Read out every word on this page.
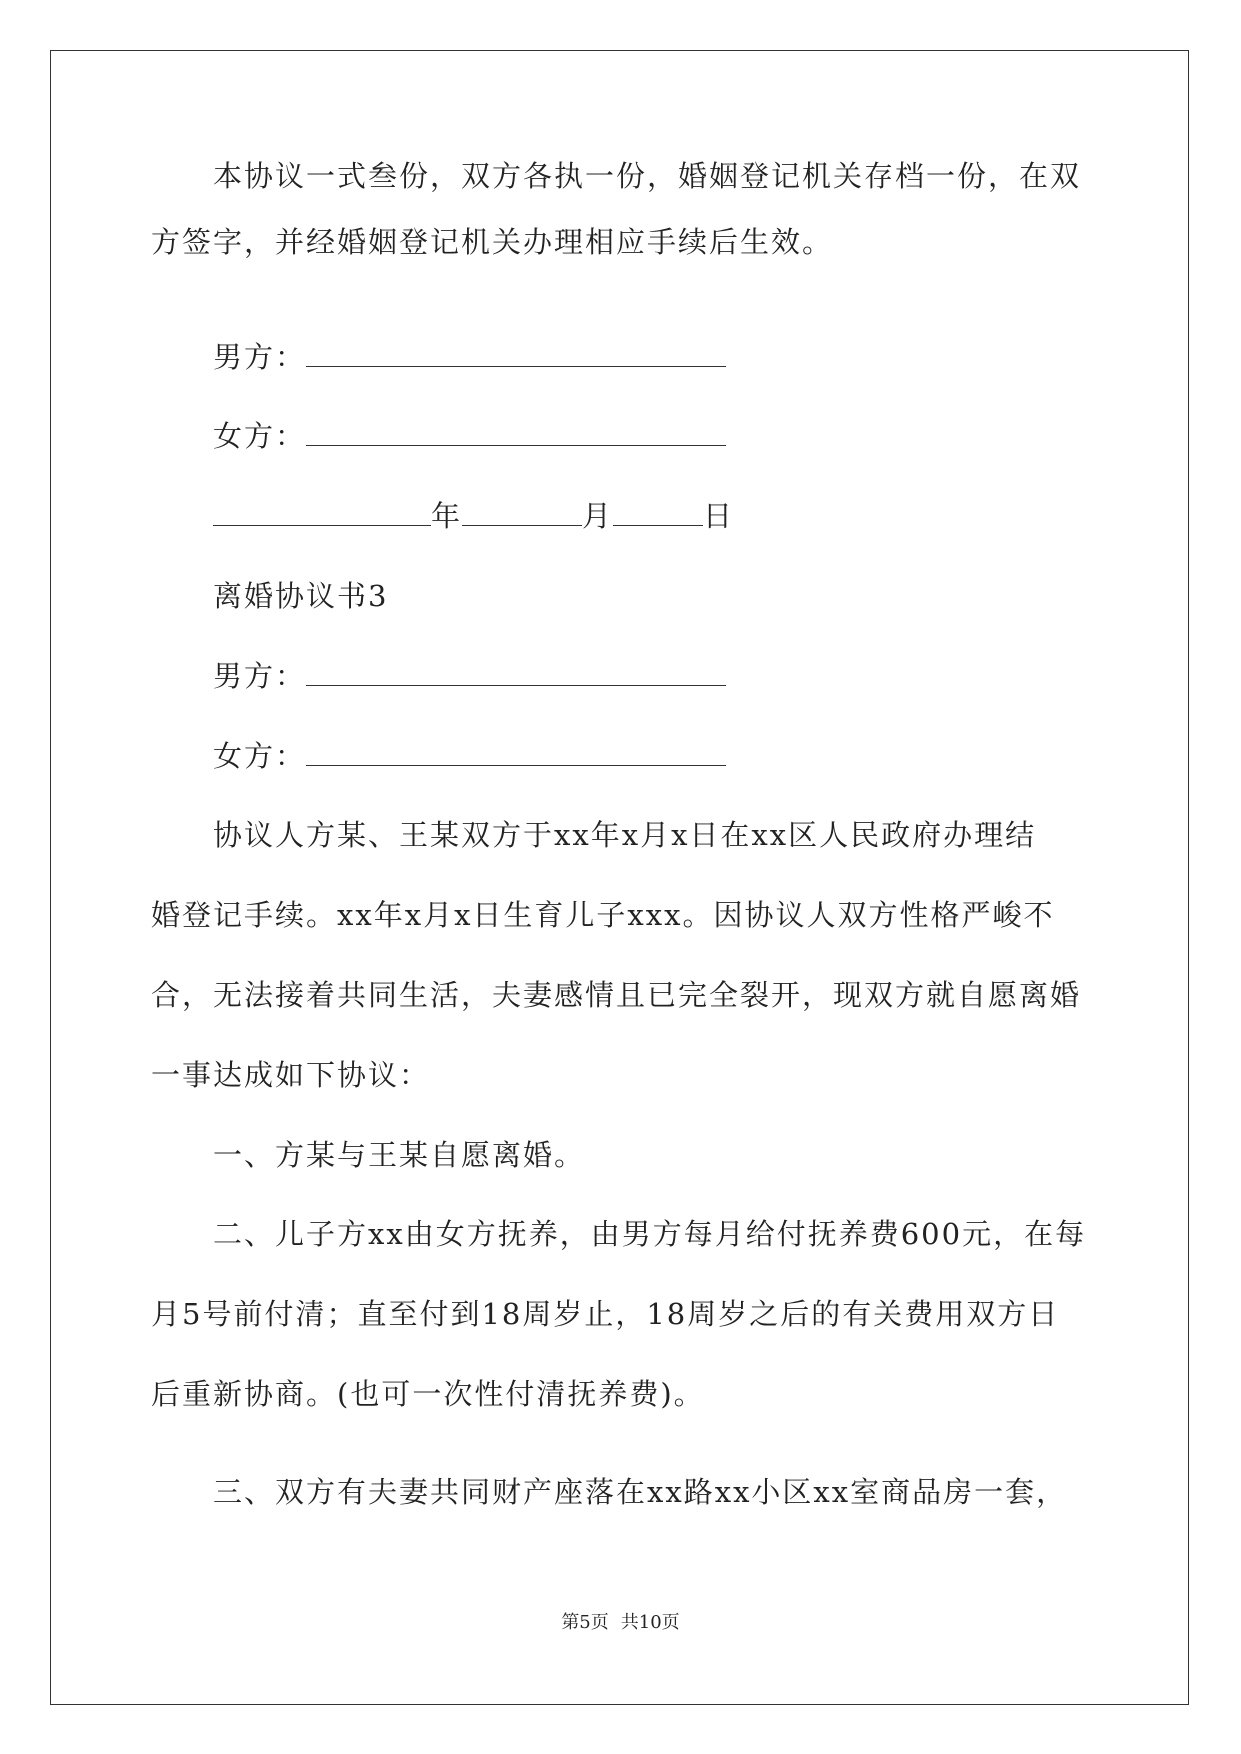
本协议一式叁份，双方各执一份，婚姻登记机关存档一份，在双
方签字，并经婚姻登记机关办理相应手续后生效。
男方：
女方：
年	月	日
离婚协议书3
男方：
女方：
协议人方某、王某双方于xx年x月x日在xx区人民政府办理结
婚登记手续。xx年x月x日生育儿子xxx。因协议人双方性格严峻不
合，无法接着共同生活，夫妻感情且已完全裂开，现双方就自愿离婚
一事达成如下协议：
一、方某与王某自愿离婚。
二、儿子方xx由女方抚养，由男方每月给付抚养费600元，在每
月5号前付清；直至付到18周岁止，18周岁之后的有关费用双方日
后重新协商。(也可一次性付清抚养费)。
三、双方有夫妻共同财产座落在xx路xx小区xx室商品房一套，
第5页 共10页
